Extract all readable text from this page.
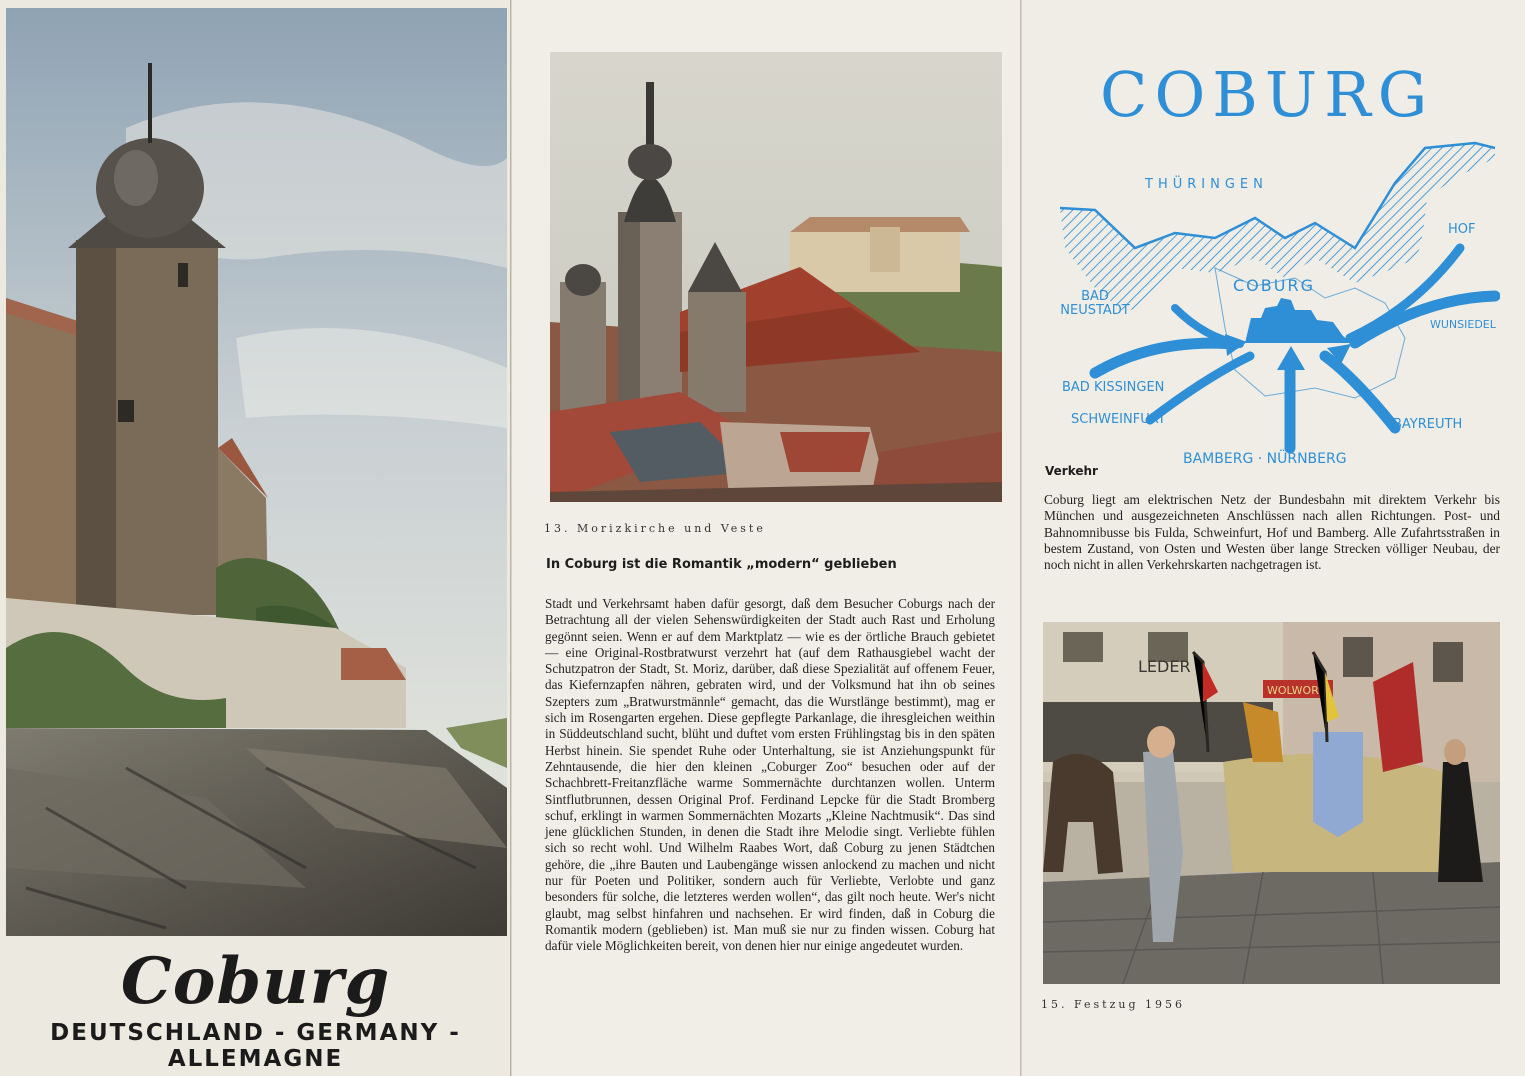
Coburg
DEUTSCHLAND - GERMANY - ALLEMAGNE
13. Morizkirche und Veste
In Coburg ist die Romantik „modern“ geblieben

Stadt und Verkehrsamt haben dafür gesorgt, daß dem Besucher Coburgs nach der Betrachtung all der vielen Sehenswürdigkeiten der Stadt auch Rast und Erholung gegönnt seien. Wenn er auf dem Marktplatz — wie es der örtliche Brauch gebietet — eine Original-Rostbratwurst verzehrt hat (auf dem Rathausgiebel wacht der Schutzpatron der Stadt, St. Moriz, darüber, daß diese Spezialität auf offenem Feuer, das Kiefernzapfen nähren, gebraten wird, und der Volksmund hat ihn ob seines Szepters zum „Bratwurstmännle“ gemacht, das die Wurstlänge bestimmt), mag er sich im Rosengarten ergehen. Diese gepflegte Parkanlage, die ihresgleichen weithin in Süddeutschland sucht, blüht und duftet vom ersten Frühlingstag bis in den späten Herbst hinein. Sie spendet Ruhe oder Unterhaltung, sie ist Anziehungspunkt für Zehntausende, die hier den kleinen „Coburger Zoo“ besuchen oder auf der Schachbrett-Freitanzfläche warme Sommernächte durchtanzen wollen. Unterm Sintflutbrunnen, dessen Original Prof. Ferdinand Lepcke für die Stadt Bromberg schuf, erklingt in warmen Sommernächten Mozarts „Kleine Nachtmusik“. Das sind jene glücklichen Stunden, in denen die Stadt ihre Melodie singt. Verliebte fühlen sich so recht wohl. Und Wilhelm Raabes Wort, daß Coburg zu jenen Städtchen gehöre, die „ihre Bauten und Laubengänge wissen anlockend zu machen und nicht nur für Poeten und Politiker, sondern auch für Verliebte, Verlobte und ganz besonders für solche, die letzteres werden wollen“, das gilt noch heute. Wer's nicht glaubt, mag selbst hinfahren und nachsehen. Er wird finden, daß in Coburg die Romantik modern (geblieben) ist. Man muß sie nur zu finden wissen. Coburg hat dafür viele Möglichkeiten bereit, von denen hier nur einige angedeutet wurden.

COBURG
THÜRINGEN
HOF
BAD
NEUSTADT
COBURG
WUNSIEDEL
BAD KISSINGEN
SCHWEINFURT	BAYREUTH
BAMBERG · NÜRNBERG
Verkehr

Coburg liegt am elektrischen Netz der Bundesbahn mit direktem Verkehr bis München und ausgezeichneten Anschlüssen nach allen Richtungen. Post- und Bahnomnibusse bis Fulda, Schweinfurt, Hof und Bamberg. Alle Zufahrtsstraßen in bestem Zustand, von Osten und Westen über lange Strecken völliger Neubau, der noch nicht in allen Verkehrskarten nachgetragen ist.

LEDER
WOLWOR
15. Festzug 1956
